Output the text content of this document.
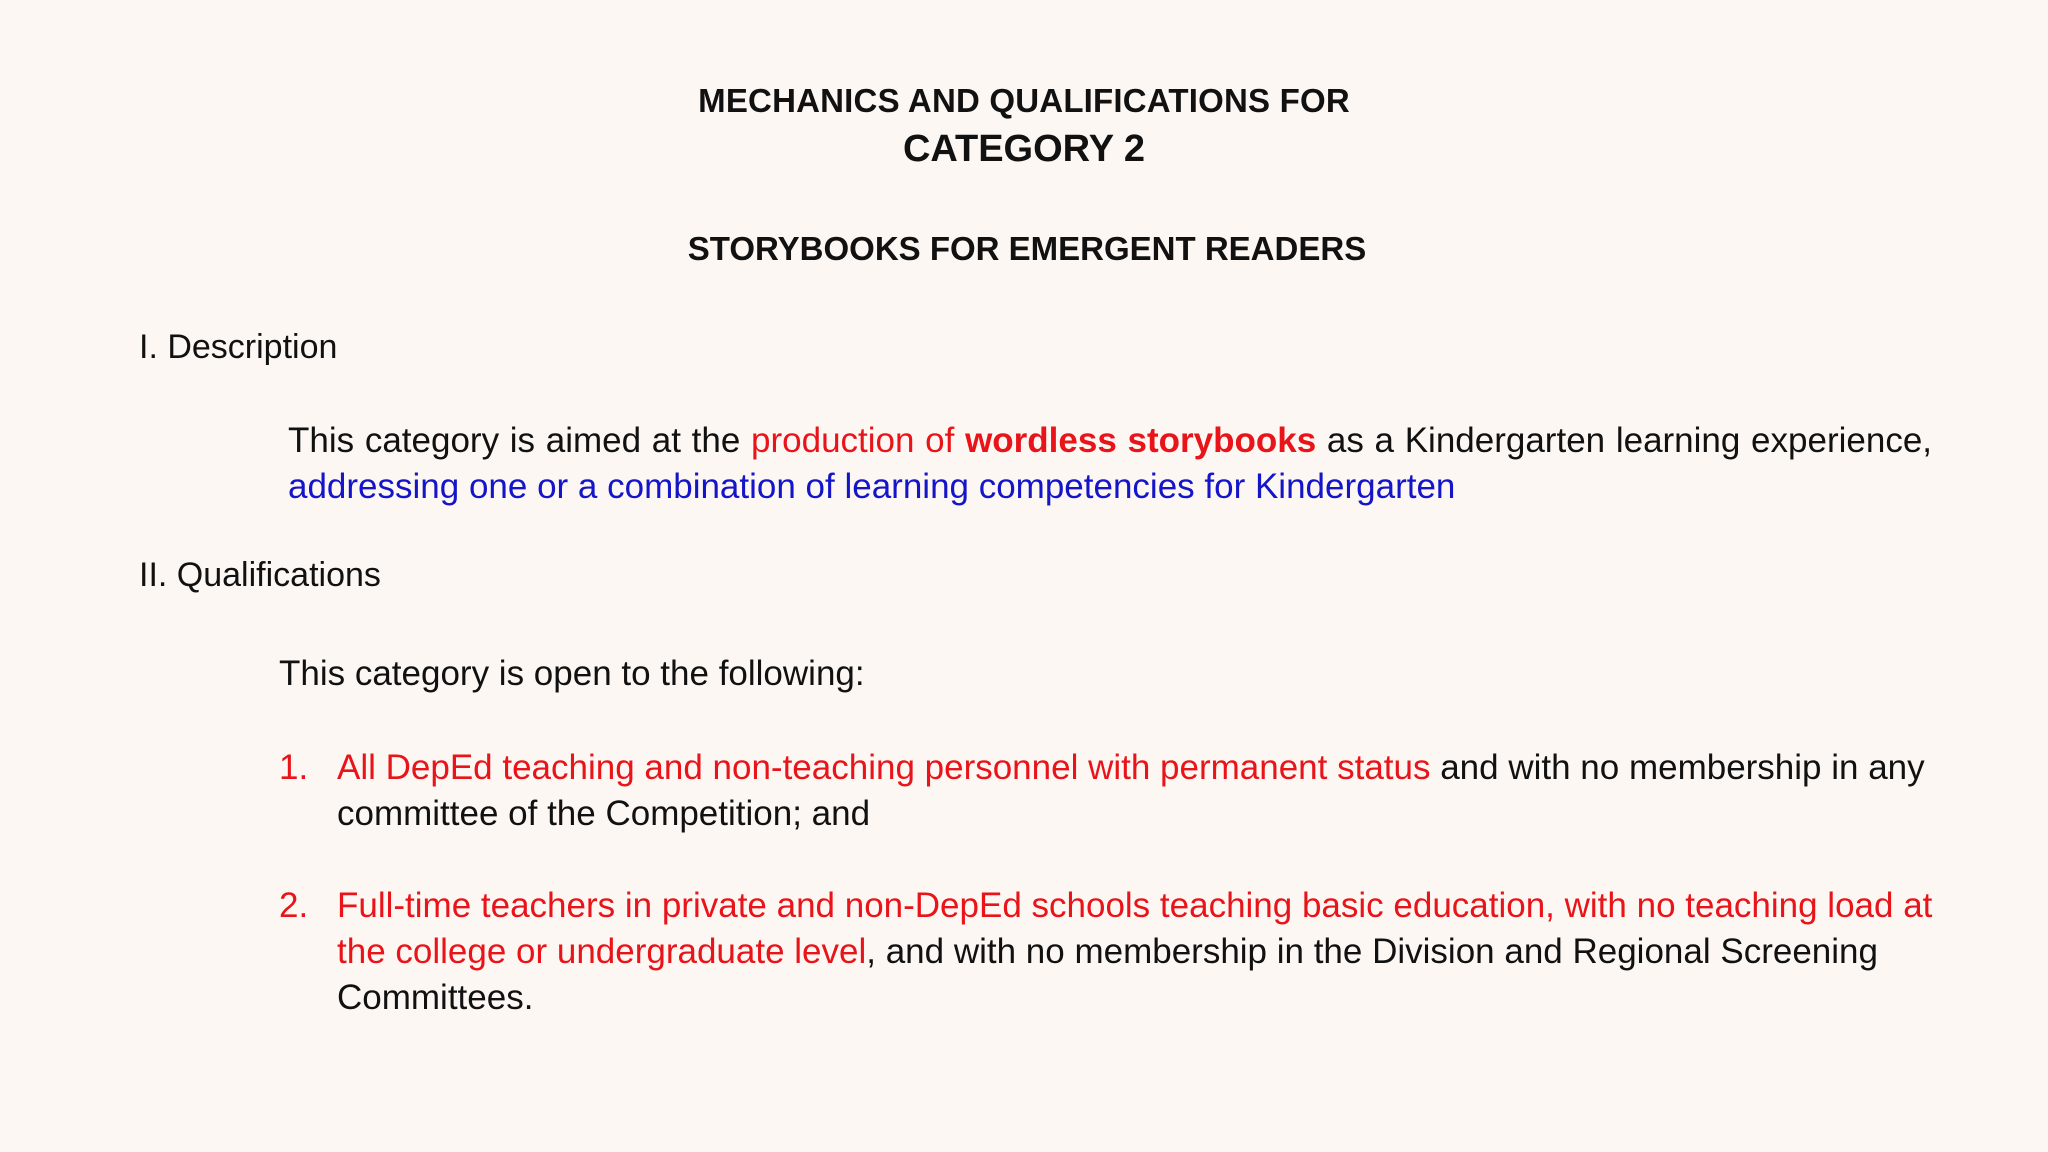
MECHANICS AND QUALIFICATIONS FOR
CATEGORY 2
STORYBOOKS FOR EMERGENT READERS
I. Description
This category is aimed at the production of wordless storybooks as a Kindergarten learning experience, addressing one or a combination of learning competencies for Kindergarten
II. Qualifications
This category is open to the following:
1. All DepEd teaching and non-teaching personnel with permanent status and with no membership in any committee of the Competition; and
2. Full-time teachers in private and non-DepEd schools teaching basic education, with no teaching load at the college or undergraduate level, and with no membership in the Division and Regional Screening Committees.
